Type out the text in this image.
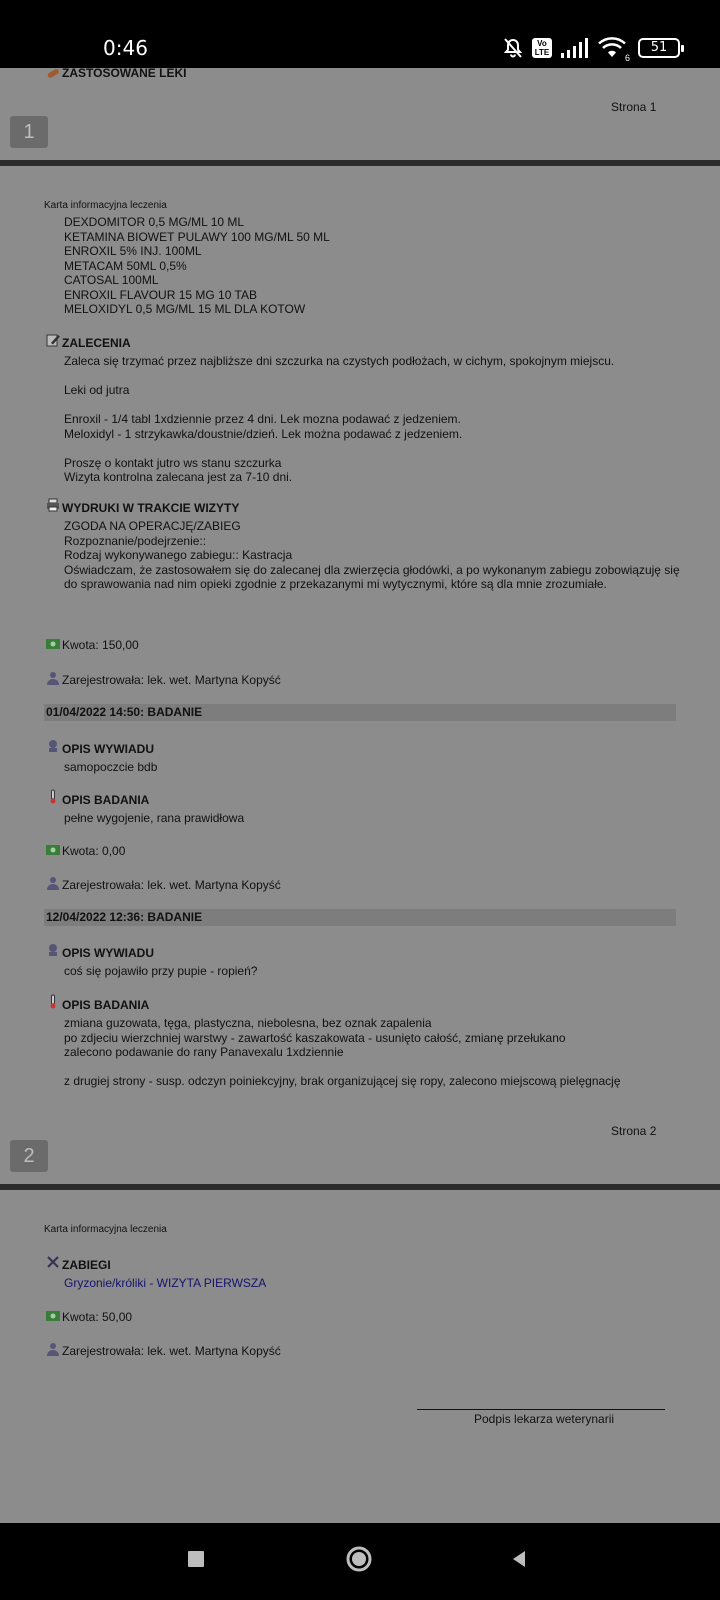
0:46	Vo LTE
6
51
ZASTOSOWANE LEKI
Strona 1
1
Karta informacyjna leczenia
DEXDOMITOR 0,5 MG/ML 10 ML
KETAMINA BIOWET PULAWY 100 MG/ML 50 ML
ENROXIL 5% INJ. 100ML
METACAM 50ML 0,5%
CATOSAL 100ML
ENROXIL FLAVOUR 15 MG 10 TAB
MELOXIDYL 0,5 MG/ML 15 ML DLA KOTOW
ZALECENIA
Zaleca się trzymać przez najbliższe dni szczurka na czystych podłożach, w cichym, spokojnym miejscu.

Leki od jutra

Enroxil - 1/4 tabl 1xdziennie przez 4 dni. Lek mozna podawać z jedzeniem.
Meloxidyl - 1 strzykawka/doustnie/dzień. Lek można podawać z jedzeniem.

Proszę o kontakt jutro ws stanu szczurka
Wizyta kontrolna zalecana jest za 7-10 dni.
WYDRUKI W TRAKCIE WIZYTY
ZGODA NA OPERACJĘ/ZABIEG
Rozpoznanie/podejrzenie::
Rodzaj wykonywanego zabiegu:: Kastracja
Oświadczam, że zastosowałem się do zalecanej dla zwierzęcia głodówki, a po wykonanym zabiegu zobowiązuję się
do sprawowania nad nim opieki zgodnie z przekazanymi mi wytycznymi, które są dla mnie zrozumiałe.
Kwota: 150,00
Zarejestrowała: lek. wet. Martyna Kopyść
01/04/2022 14:50: BADANIE
OPIS WYWIADU
samopoczcie bdb
OPIS BADANIA
pełne wygojenie, rana prawidłowa
Kwota: 0,00
Zarejestrowała: lek. wet. Martyna Kopyść
12/04/2022 12:36: BADANIE
OPIS WYWIADU
coś się pojawiło przy pupie - ropień?
OPIS BADANIA
zmiana guzowata, tęga, plastyczna, niebolesna, bez oznak zapalenia
po zdjeciu wierzchniej warstwy - zawartość kaszakowata - usunięto całość, zmianę przełukano
zalecono podawanie do rany Panavexalu 1xdziennie

z drugiej strony - susp. odczyn poiniekcyjny, brak organizującej się ropy, zalecono miejscową pielęgnację
Strona 2
2
Karta informacyjna leczenia
ZABIEGI
Gryzonie/króliki - WIZYTA PIERWSZA
Kwota: 50,00
Zarejestrowała: lek. wet. Martyna Kopyść
Podpis lekarza weterynarii
